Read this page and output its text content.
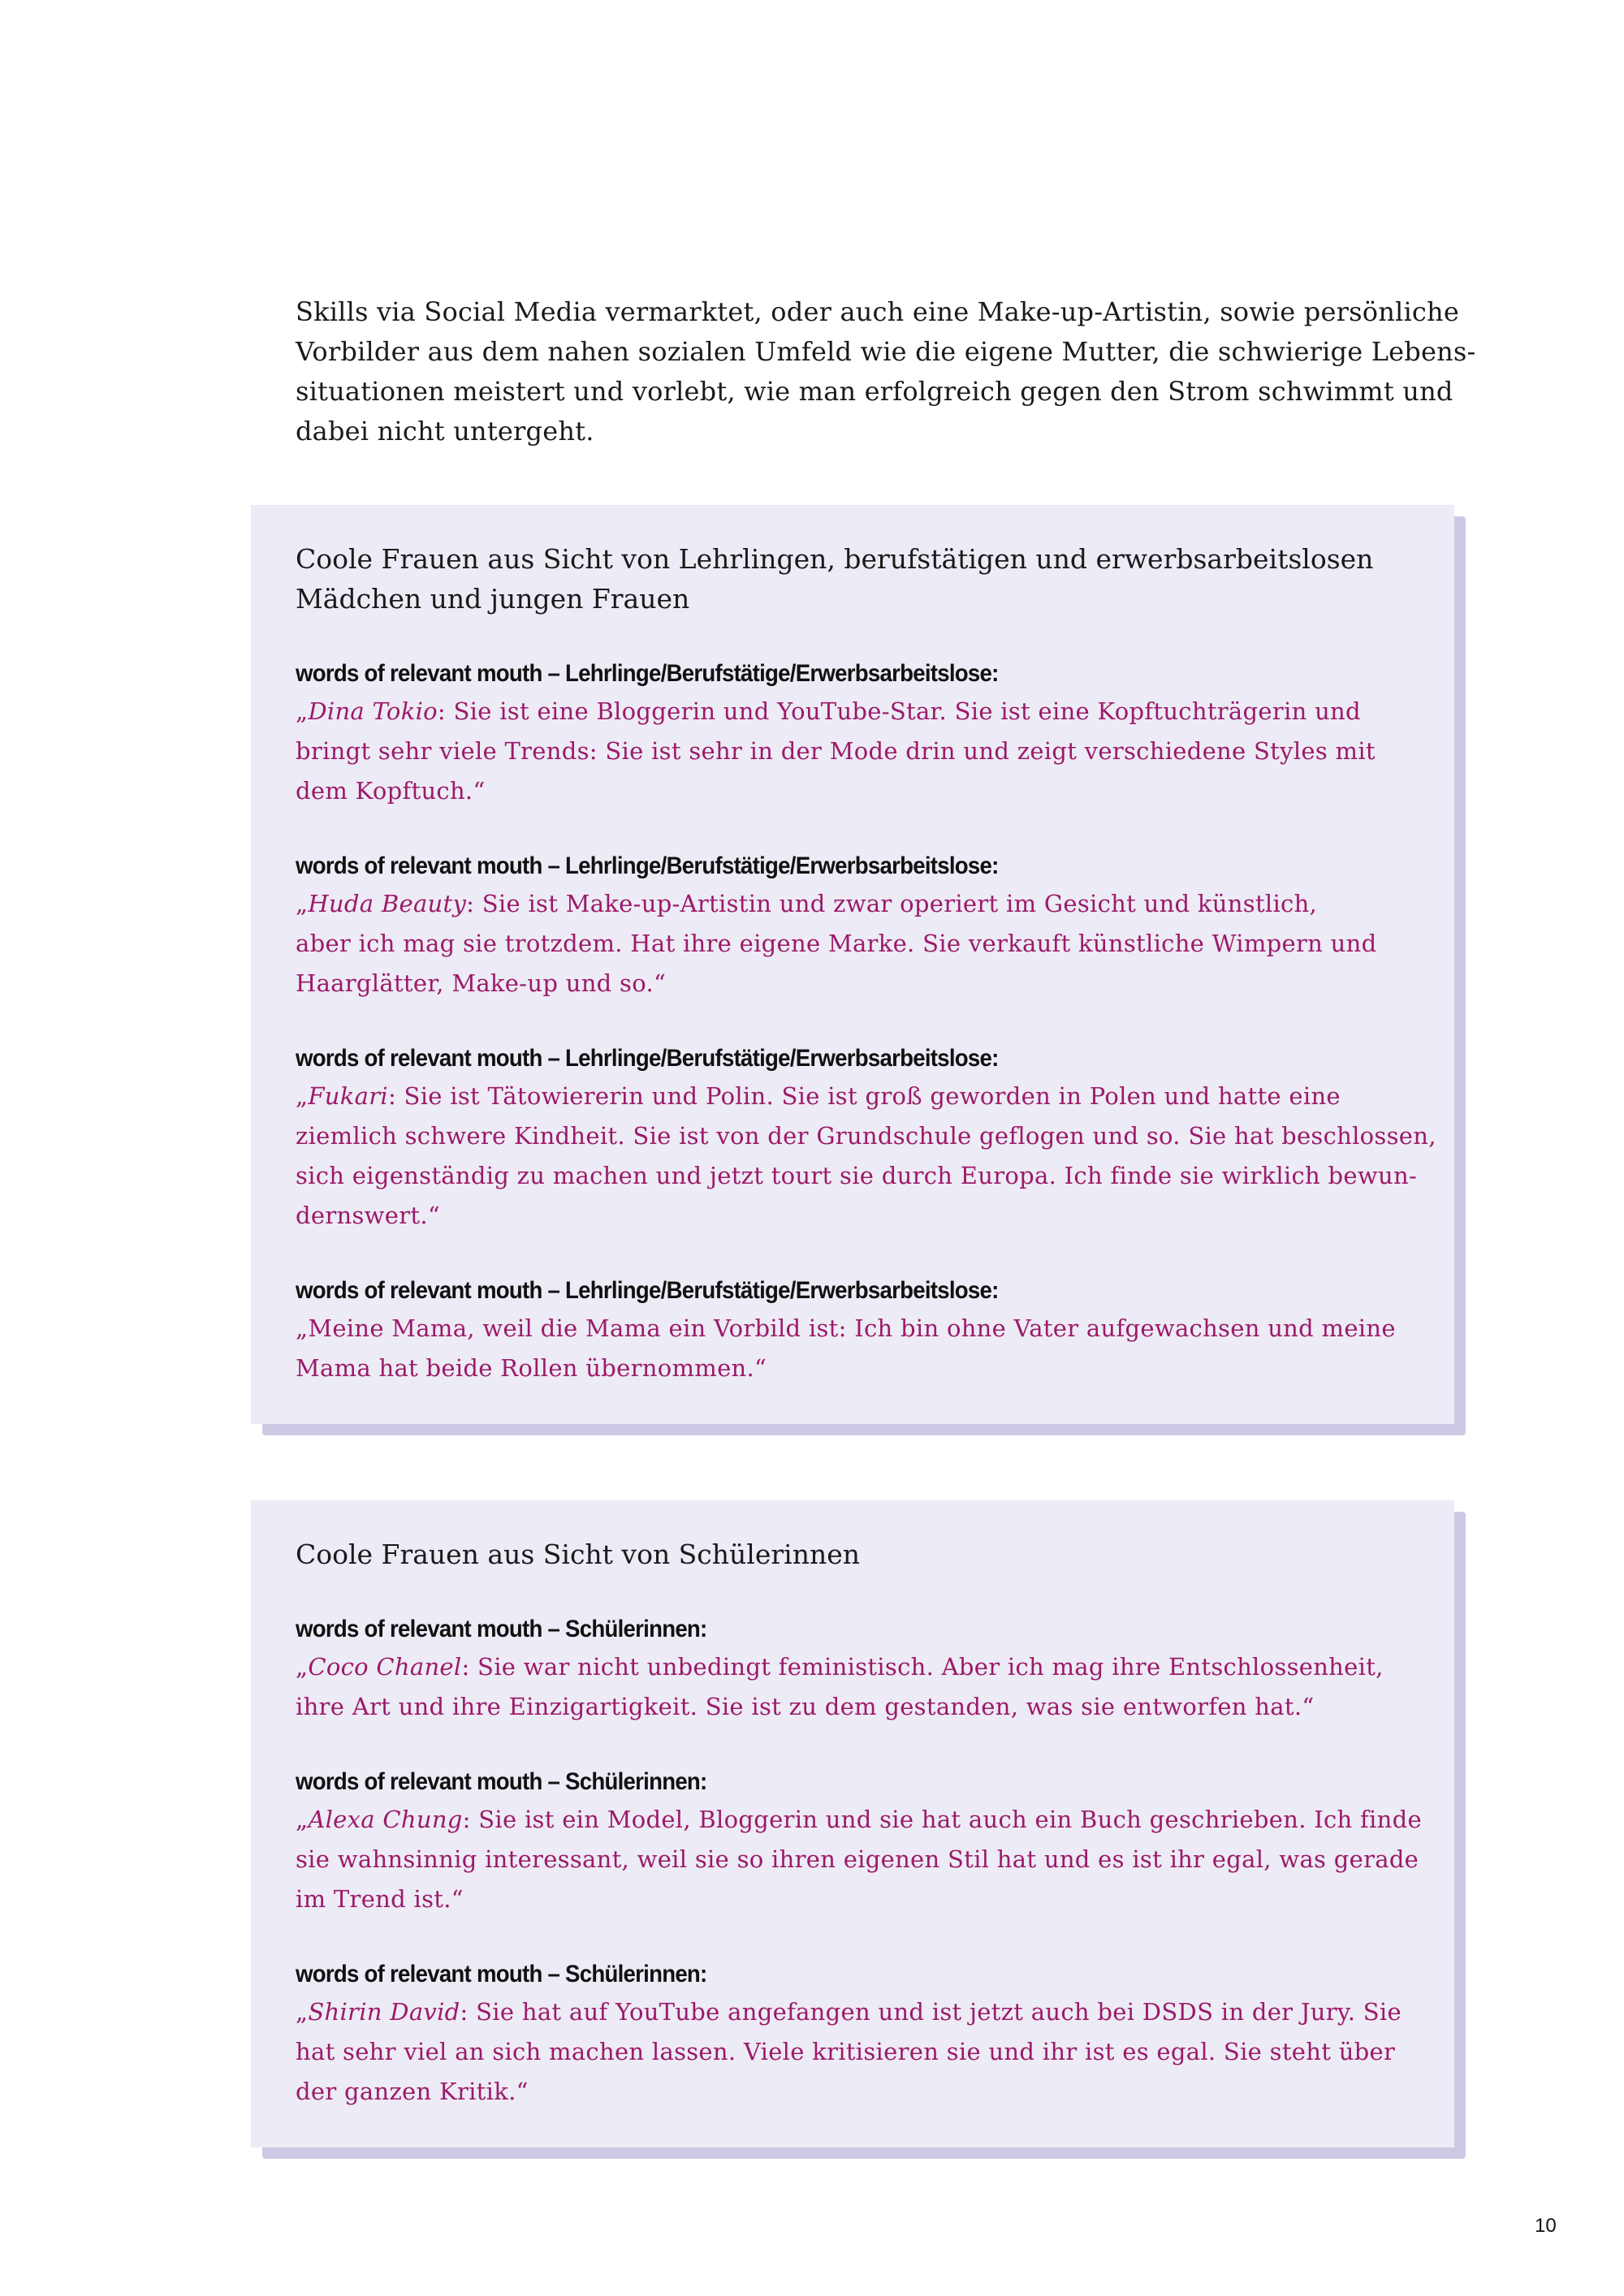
Skills via Social Media vermarktet, oder auch eine Make-up-Artistin, sowie persönliche
Vorbilder aus dem nahen sozialen Umfeld wie die eigene Mutter, die schwierige Lebens-
situationen meistert und vorlebt, wie man erfolgreich gegen den Strom schwimmt und
dabei nicht untergeht.
Coole Frauen aus Sicht von Lehrlingen, berufstätigen und erwerbsarbeitslosen
Mädchen und jungen Frauen
words of relevant mouth – Lehrlinge/Berufstätige/Erwerbsarbeitslose:
„Dina Tokio: Sie ist eine Bloggerin und YouTube-Star. Sie ist eine Kopftuchträgerin und
bringt sehr viele Trends: Sie ist sehr in der Mode drin und zeigt verschiedene Styles mit
dem Kopftuch.“
words of relevant mouth – Lehrlinge/Berufstätige/Erwerbsarbeitslose:
„Huda Beauty: Sie ist Make-up-Artistin und zwar operiert im Gesicht und künstlich,
aber ich mag sie trotzdem. Hat ihre eigene Marke. Sie verkauft künstliche Wimpern und
Haarglätter, Make-up und so.“
words of relevant mouth – Lehrlinge/Berufstätige/Erwerbsarbeitslose:
„Fukari: Sie ist Tätowiererin und Polin. Sie ist groß geworden in Polen und hatte eine
ziemlich schwere Kindheit. Sie ist von der Grundschule geflogen und so. Sie hat beschlossen,
sich eigenständig zu machen und jetzt tourt sie durch Europa. Ich finde sie wirklich bewun-
dernswert.“
words of relevant mouth – Lehrlinge/Berufstätige/Erwerbsarbeitslose:
„Meine Mama, weil die Mama ein Vorbild ist: Ich bin ohne Vater aufgewachsen und meine
Mama hat beide Rollen übernommen.“
Coole Frauen aus Sicht von Schülerinnen
words of relevant mouth – Schülerinnen:
„Coco Chanel: Sie war nicht unbedingt feministisch. Aber ich mag ihre Entschlossenheit,
ihre Art und ihre Einzigartigkeit. Sie ist zu dem gestanden, was sie entworfen hat.“
words of relevant mouth – Schülerinnen:
„Alexa Chung: Sie ist ein Model, Bloggerin und sie hat auch ein Buch geschrieben. Ich finde
sie wahnsinnig interessant, weil sie so ihren eigenen Stil hat und es ist ihr egal, was gerade
im Trend ist.“
words of relevant mouth – Schülerinnen:
„Shirin David: Sie hat auf YouTube angefangen und ist jetzt auch bei DSDS in der Jury. Sie
hat sehr viel an sich machen lassen. Viele kritisieren sie und ihr ist es egal. Sie steht über
der ganzen Kritik.“
10
